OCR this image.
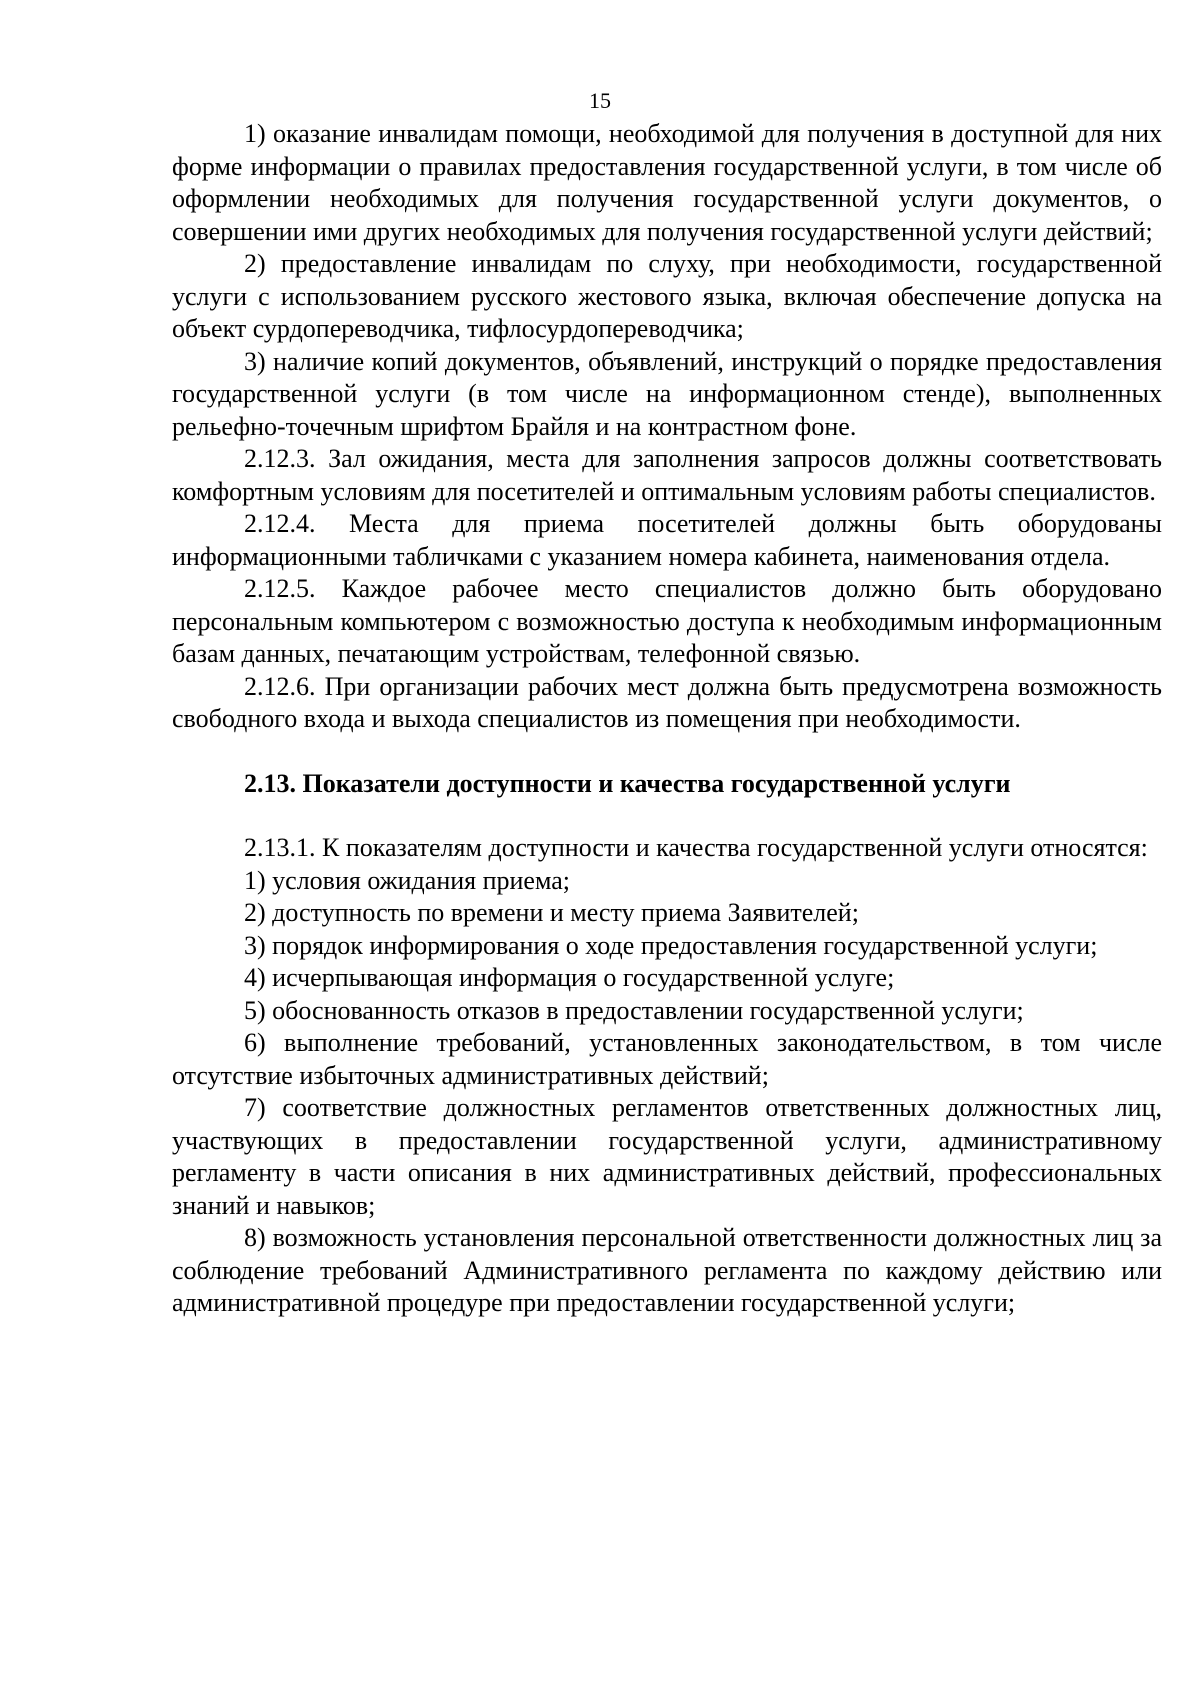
15

1) оказание инвалидам помощи, необходимой для получения в доступной для них форме информации о правилах предоставления государственной услуги, в том числе об оформлении необходимых для получения государственной услуги документов, о совершении ими других необходимых для получения государственной услуги действий;

2) предоставление инвалидам по слуху, при необходимости, государственной услуги с использованием русского жестового языка, включая обеспечение допуска на объект сурдопереводчика, тифлосурдопереводчика;

3) наличие копий документов, объявлений, инструкций о порядке предоставления государственной услуги (в том числе на информационном стенде), выполненных рельефно-точечным шрифтом Брайля и на контрастном фоне.

2.12.3. Зал ожидания, места для заполнения запросов должны соответствовать комфортным условиям для посетителей и оптимальным условиям работы специалистов.

2.12.4. Места для приема посетителей должны быть оборудованы информационными табличками с указанием номера кабинета, наименования отдела.

2.12.5. Каждое рабочее место специалистов должно быть оборудовано персональным компьютером с возможностью доступа к необходимым информационным базам данных, печатающим устройствам, телефонной связью.

2.12.6. При организации рабочих мест должна быть предусмотрена возможность свободного входа и выхода специалистов из помещения при необходимости.

2.13. Показатели доступности и качества государственной услуги

2.13.1. К показателям доступности и качества государственной услуги относятся:

1) условия ожидания приема;

2) доступность по времени и месту приема Заявителей;

3) порядок информирования о ходе предоставления государственной услуги;

4) исчерпывающая информация о государственной услуге;

5) обоснованность отказов в предоставлении государственной услуги;

6) выполнение требований, установленных законодательством, в том числе отсутствие избыточных административных действий;

7) соответствие должностных регламентов ответственных должностных лиц, участвующих в предоставлении государственной услуги, административному регламенту в части описания в них административных действий, профессиональных знаний и навыков;

8) возможность установления персональной ответственности должностных лиц за соблюдение требований Административного регламента по каждому действию или административной процедуре при предоставлении государственной услуги;
